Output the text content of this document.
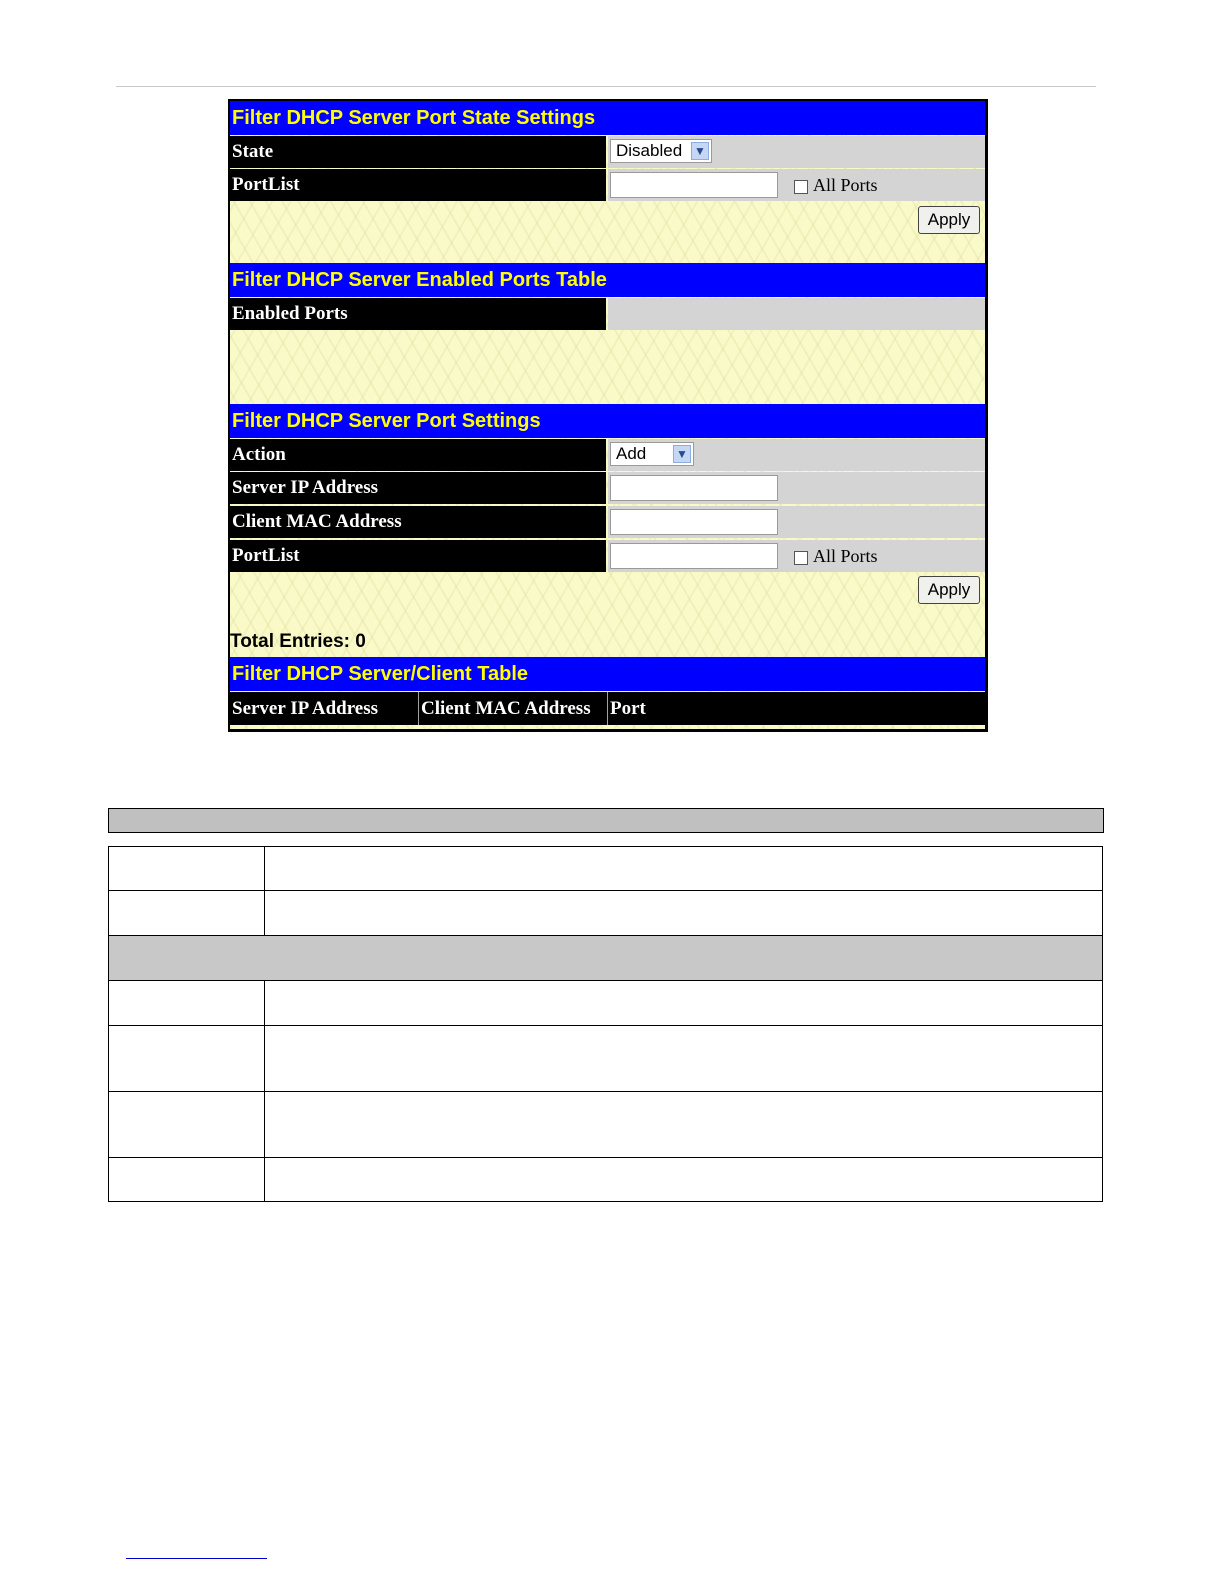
Filter DHCP Server Port State Settings
State	Disabled ▼
PortList	All Ports
Apply
Filter DHCP Server Enabled Ports Table
Enabled Ports
Filter DHCP Server Port Settings
Action	Add ▼
Server IP Address
Client MAC Address
PortList	All Ports
Apply
Total Entries: 0
Filter DHCP Server/Client Table
Server IP Address	Client MAC Address	Port
